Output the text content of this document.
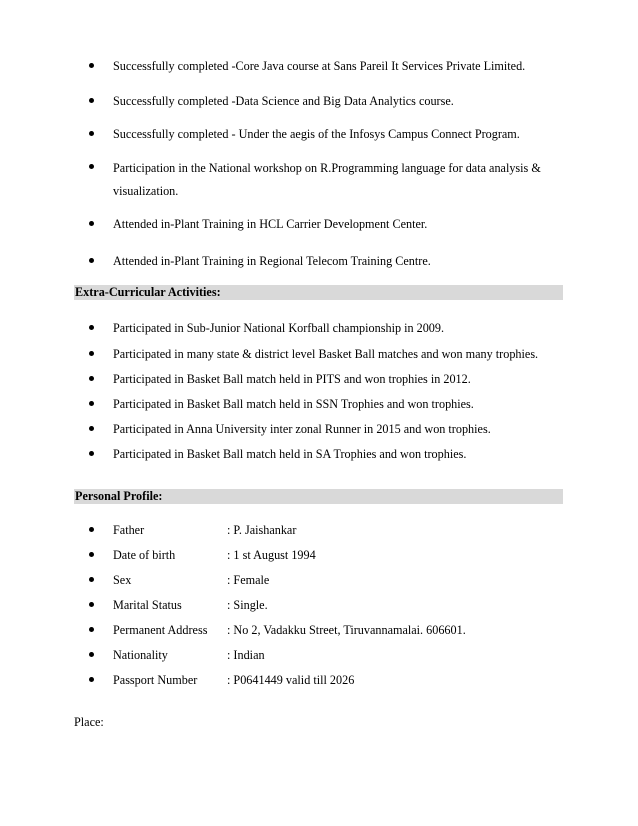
Successfully completed -Core Java course at Sans Pareil It Services Private Limited.
Successfully completed -Data Science and Big Data Analytics course.
Successfully completed - Under the aegis of the Infosys Campus Connect Program.
Participation in the National workshop on R.Programming language for data analysis & visualization.
Attended in-Plant Training in HCL Carrier Development Center.
Attended in-Plant Training in Regional Telecom Training Centre.
Extra-Curricular Activities:
Participated in Sub-Junior National Korfball championship in 2009.
Participated in many state & district level Basket Ball matches and won many trophies.
Participated in Basket Ball match held in PITS and won trophies in 2012.
Participated in Basket Ball match held in SSN Trophies and won trophies.
Participated in Anna University inter zonal Runner in 2015 and won trophies.
Participated in Basket Ball match held in SA Trophies and won trophies.
Personal Profile:
Father	: P. Jaishankar
Date of birth	: 1 st August 1994
Sex	: Female
Marital Status	: Single.
Permanent Address : No 2, Vadakku Street, Tiruvannamalai. 606601.
Nationality	: Indian
Passport Number : P0641449 valid till 2026
Place:
